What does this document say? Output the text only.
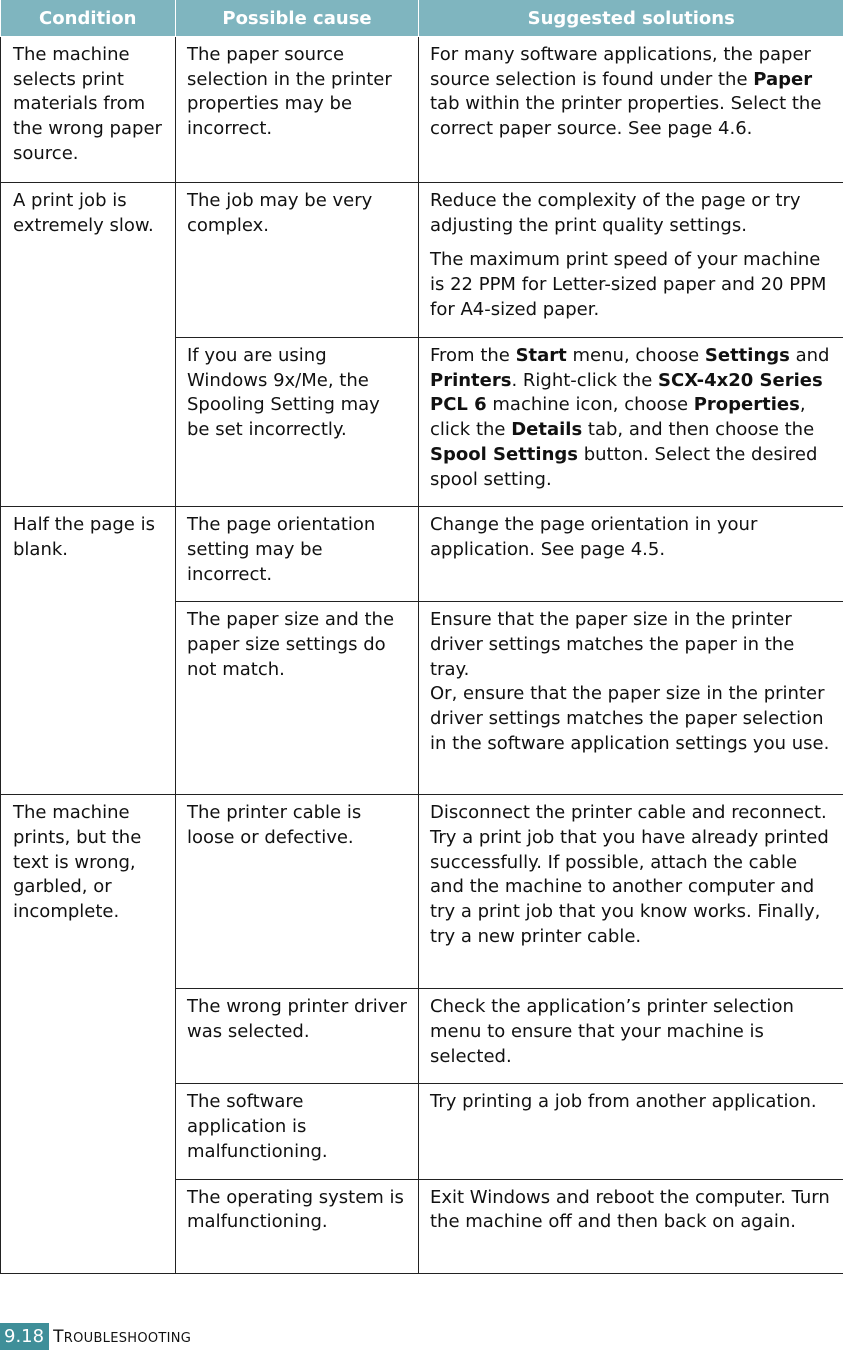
Condition	Possible cause	Suggested solutions
The machine selects print materials from the wrong paper source.	The paper source selection in the printer properties may be incorrect.	For many software applications, the paper source selection is found under the Paper tab within the printer properties. Select the correct paper source. See page 4.6.
A print job is extremely slow.	The job may be very complex.	Reduce the complexity of the page or try adjusting the print quality settings.
The maximum print speed of your machine is 22 PPM for Letter-sized paper and 20 PPM for A4-sized paper.

	If you are using Windows 9x/Me, the Spooling Setting may be set incorrectly.	From the Start menu, choose Settings and Printers. Right-click the SCX-4x20 Series PCL 6 machine icon, choose Properties, click the Details tab, and then choose the Spool Settings button. Select the desired spool setting.
Half the page is blank.	The page orientation setting may be incorrect.	Change the page orientation in your application. See page 4.5.
	The paper size and the paper size settings do not match.	Ensure that the paper size in the printer driver settings matches the paper in the tray.
Or, ensure that the paper size in the printer driver settings matches the paper selection in the software application settings you use.

The machine prints, but the text is wrong, garbled, or incomplete.	The printer cable is loose or defective.	Disconnect the printer cable and reconnect. Try a print job that you have already printed successfully. If possible, attach the cable and the machine to another computer and try a print job that you know works. Finally, try a new printer cable.
	The wrong printer driver was selected.	Check the application’s printer selection menu to ensure that your machine is selected.
	The software application is malfunctioning.	Try printing a job from another application.
	The operating system is malfunctioning.	Exit Windows and reboot the computer. Turn the machine off and then back on again.
9.18 TROUBLESHOOTING
